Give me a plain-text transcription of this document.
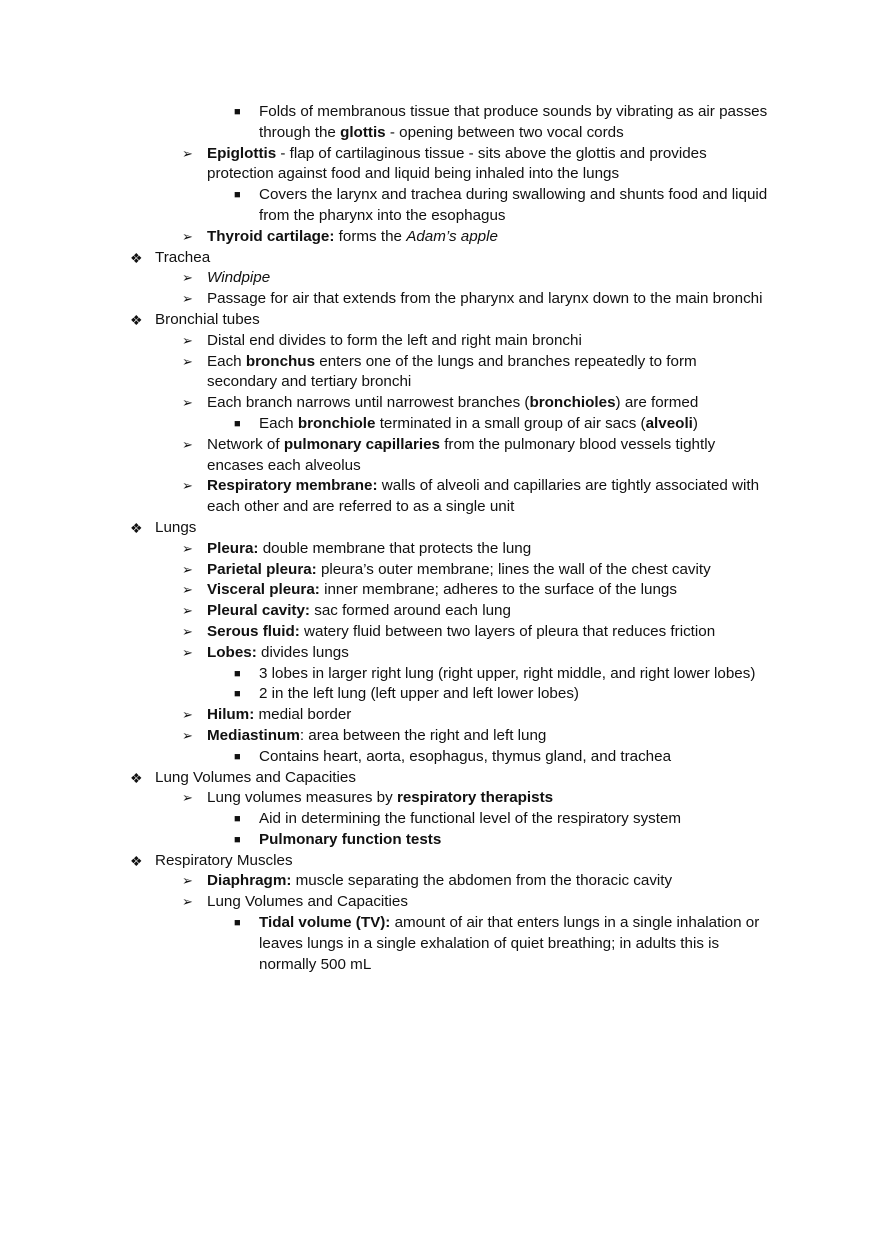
■	Folds of membranous tissue that produce sounds by vibrating as air passes through the glottis - opening between two vocal cords
➢ Epiglottis - flap of cartilaginous tissue - sits above the glottis and provides protection against food and liquid being inhaled into the lungs
■	Covers the larynx and trachea during swallowing and shunts food and liquid from the pharynx into the esophagus
➢ Thyroid cartilage: forms the Adam’s apple
❖ Trachea
➢ Windpipe
➢ Passage for air that extends from the pharynx and larynx down to the main bronchi
❖ Bronchial tubes
➢ Distal end divides to form the left and right main bronchi
➢ Each bronchus enters one of the lungs and branches repeatedly to form secondary and tertiary bronchi
➢ Each branch narrows until narrowest branches (bronchioles) are formed
■	Each bronchiole terminated in a small group of air sacs (alveoli)
➢ Network of pulmonary capillaries from the pulmonary blood vessels tightly encases each alveolus
➢ Respiratory membrane: walls of alveoli and capillaries are tightly associated with each other and are referred to as a single unit
❖ Lungs
➢ Pleura: double membrane that protects the lung
➢ Parietal pleura: pleura’s outer membrane; lines the wall of the chest cavity
➢ Visceral pleura: inner membrane; adheres to the surface of the lungs
➢ Pleural cavity: sac formed around each lung
➢ Serous fluid: watery fluid between two layers of pleura that reduces friction
➢ Lobes: divides lungs
■	3 lobes in larger right lung (right upper, right middle, and right lower lobes)
■	2 in the left lung (left upper and left lower lobes)
➢ Hilum: medial border
➢ Mediastinum: area between the right and left lung
■	Contains heart, aorta, esophagus, thymus gland, and trachea
❖ Lung Volumes and Capacities
➢ Lung volumes measures by respiratory therapists
■	Aid in determining the functional level of the respiratory system
■	Pulmonary function tests
❖ Respiratory Muscles
➢ Diaphragm: muscle separating the abdomen from the thoracic cavity
➢ Lung Volumes and Capacities
■	Tidal volume (TV): amount of air that enters lungs in a single inhalation or leaves lungs in a single exhalation of quiet breathing; in adults this is normally 500 mL
